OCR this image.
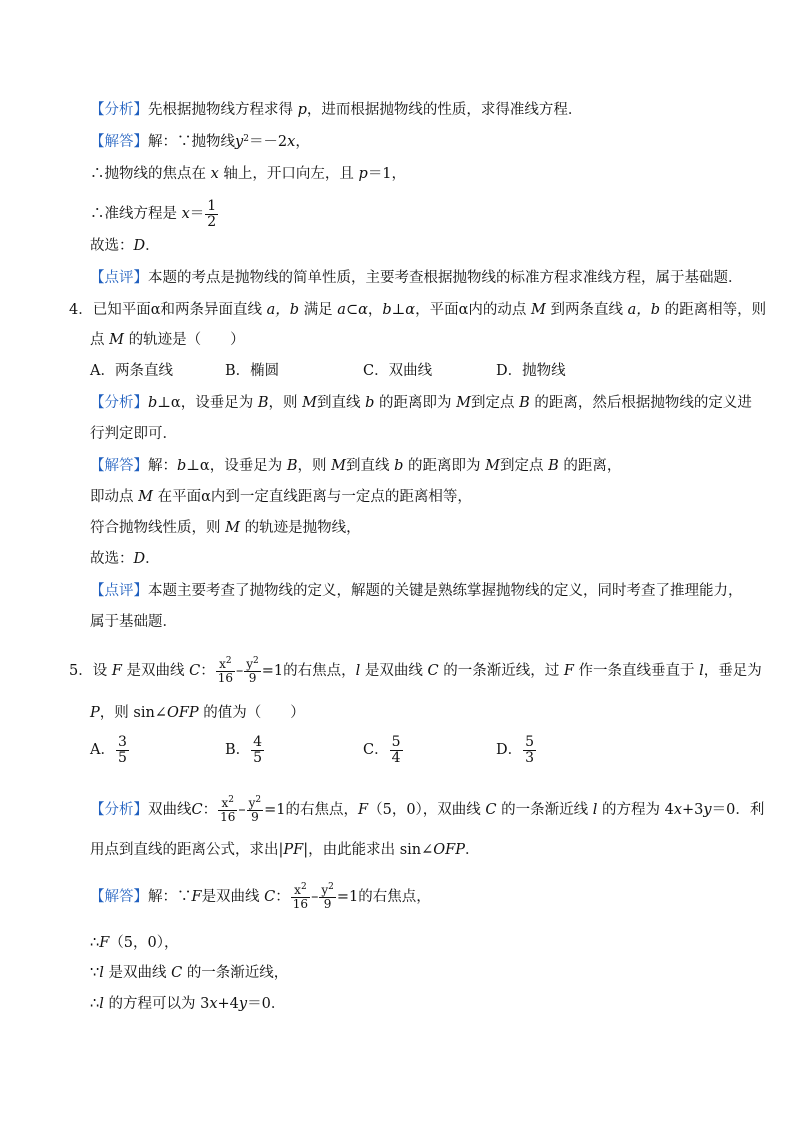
【分析】先根据抛物线方程求得 p，进而根据抛物线的性质，求得准线方程．
【解答】解：∵抛物线$y^2=-2x$，
∴抛物线的焦点在 x 轴上，开口向左，且 p＝1，
∴准线方程是 $x= \frac{1}{2}$
故选：D．
【点评】本题的考点是抛物线的简单性质，主要考查根据抛物线的标准方程求准线方程，属于基础题．
4．已知平面α和两条异面直线 a，b 满足 a⊂α，b⊥α，平面α内的动点 M 到两条直线 a，b 的距离相等，则
点 M 的轨迹是（　　）
A．两条直线	B．椭圆	C．双曲线	D．抛物线
【分析】b⊥α，设垂足为 B，则 M到直线 b 的距离即为 M到定点 B 的距离，然后根据抛物线的定义进
行判定即可．
【解答】解：b⊥α，设垂足为 B，则 M到直线 b 的距离即为 M到定点 B 的距离，
即动点 M 在平面α内到一定直线距离与一定点的距离相等，
符合抛物线性质，则 M 的轨迹是抛物线，
故选：D．
【点评】本题主要考查了抛物线的定义，解题的关键是熟练掌握抛物线的定义，同时考查了推理能力，
属于基础题．
5．设 F 是双曲线 C： $\frac{x^2}{16} - \frac{y^2}{9} =1$的右焦点，l 是双曲线 C 的一条渐近线，过 F 作一条直线垂直于 l，垂足为
P，则 sin∠OFP 的值为（　　）
A． $\frac{3}{5}$	B． $\frac{4}{5}$	C． $\frac{5}{4}$	D． $\frac{5}{3}$
【分析】双曲线C： $\frac{x^2}{16} - \frac{y^2}{9} =1$的右焦点，F（5，0），双曲线 C 的一条渐近线 l 的方程为 4x+3y＝0．利
用点到直线的距离公式，求出|PF|，由此能求出 sin∠OFP．
【解答】解：∵F是双曲线 C： $\frac{x^2}{16} - \frac{y^2}{9} =1$的右焦点，
∴F（5，0），
∵l 是双曲线 C 的一条渐近线，
∴l 的方程可以为 3x+4y＝0．
